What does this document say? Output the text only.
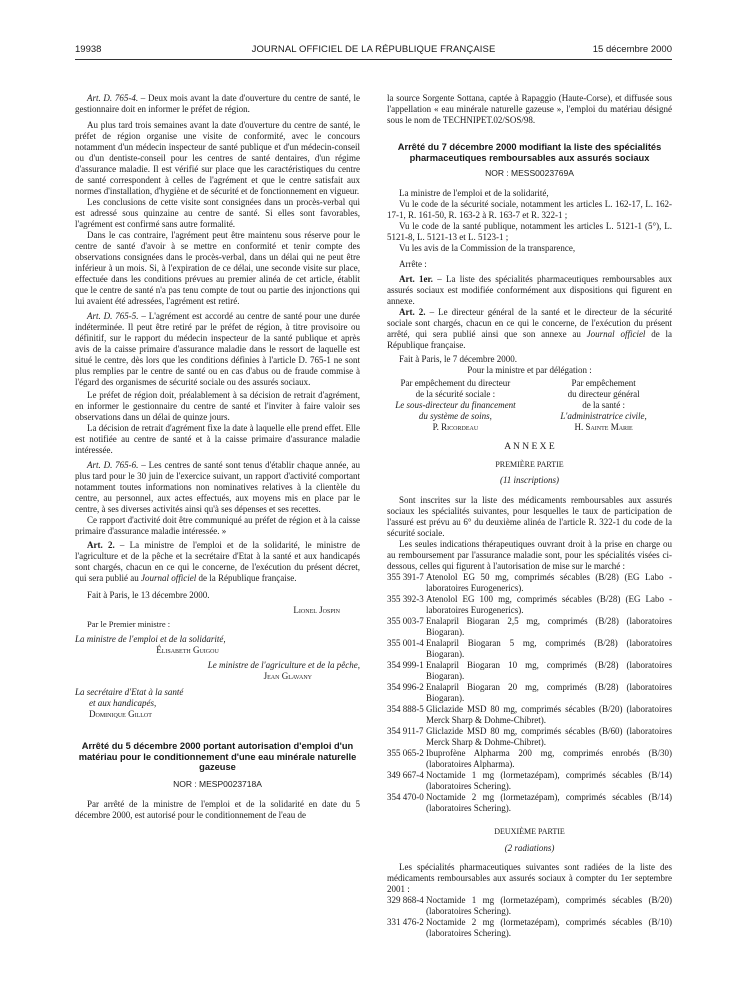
19938	JOURNAL OFFICIEL DE LA RÉPUBLIQUE FRANÇAISE	15 décembre 2000

Art. D. 765-4. – Deux mois avant la date d'ouverture du centre de santé, le gestionnaire doit en informer le préfet de région.

Au plus tard trois semaines avant la date d'ouverture du centre de santé, le préfet de région organise une visite de conformité, avec le concours notamment d'un médecin inspecteur de santé publique et d'un médecin-conseil ou d'un dentiste-conseil pour les centres de santé dentaires, d'un régime d'assurance maladie. Il est vérifié sur place que les caractéristiques du centre de santé correspondent à celles de l'agrément et que le centre satisfait aux normes d'installation, d'hygiène et de sécurité et de fonctionnement en vigueur.

Les conclusions de cette visite sont consignées dans un procès-verbal qui est adressé sous quinzaine au centre de santé. Si elles sont favorables, l'agrément est confirmé sans autre formalité.

Dans le cas contraire, l'agrément peut être maintenu sous réserve pour le centre de santé d'avoir à se mettre en conformité et tenir compte des observations consignées dans le procès-verbal, dans un délai qui ne peut être inférieur à un mois. Si, à l'expiration de ce délai, une seconde visite sur place, effectuée dans les conditions prévues au premier alinéa de cet article, établit que le centre de santé n'a pas tenu compte de tout ou partie des injonctions qui lui avaient été adressées, l'agrément est retiré.

Art. D. 765-5. – L'agrément est accordé au centre de santé pour une durée indéterminée. Il peut être retiré par le préfet de région, à titre provisoire ou définitif, sur le rapport du médecin inspecteur de la santé publique et après avis de la caisse primaire d'assurance maladie dans le ressort de laquelle est situé le centre, dès lors que les conditions définies à l'article D. 765-1 ne sont plus remplies par le centre de santé ou en cas d'abus ou de fraude commise à l'égard des organismes de sécurité sociale ou des assurés sociaux.

Le préfet de région doit, préalablement à sa décision de retrait d'agrément, en informer le gestionnaire du centre de santé et l'inviter à faire valoir ses observations dans un délai de quinze jours.

La décision de retrait d'agrément fixe la date à laquelle elle prend effet. Elle est notifiée au centre de santé et à la caisse primaire d'assurance maladie intéressée.

Art. D. 765-6. – Les centres de santé sont tenus d'établir chaque année, au plus tard pour le 30 juin de l'exercice suivant, un rapport d'activité comportant notamment toutes informations non nominatives relatives à la clientèle du centre, au personnel, aux actes effectués, aux moyens mis en place par le centre, à ses diverses activités ainsi qu'à ses dépenses et ses recettes.

Ce rapport d'activité doit être communiqué au préfet de région et à la caisse primaire d'assurance maladie intéressée. »

Art. 2. – La ministre de l'emploi et de la solidarité, le ministre de l'agriculture et de la pêche et la secrétaire d'Etat à la santé et aux handicapés sont chargés, chacun en ce qui le concerne, de l'exécution du présent décret, qui sera publié au Journal officiel de la République française.

Fait à Paris, le 13 décembre 2000.

Lionel Jospin

Par le Premier ministre :

La ministre de l'emploi et de la solidarité,

Élisabeth Guigou

Le ministre de l'agriculture et de la pêche,

Jean Glavany

La secrétaire d'Etat à la santé

et aux handicapés,

Dominique Gillot

Arrêté du 5 décembre 2000 portant autorisation d'emploi d'un matériau pour le conditionnement d'une eau minérale naturelle gazeuse

NOR : MESP0023718A

Par arrêté de la ministre de l'emploi et de la solidarité en date du 5 décembre 2000, est autorisé pour le conditionnement de l'eau de

la source Sorgente Sottana, captée à Rapaggio (Haute-Corse), et diffusée sous l'appellation « eau minérale naturelle gazeuse », l'emploi du matériau désigné sous le nom de TECHNIPET.02/SOS/98.

Arrêté du 7 décembre 2000 modifiant la liste des spécialités pharmaceutiques remboursables aux assurés sociaux

NOR : MESS0023769A

La ministre de l'emploi et de la solidarité,

Vu le code de la sécurité sociale, notamment les articles L. 162-17, L. 162-17-1, R. 161-50, R. 163-2 à R. 163-7 et R. 322-1 ;

Vu le code de la santé publique, notamment les articles L. 5121-1 (5°), L. 5121-8, L. 5121-13 et L. 5123-1 ;

Vu les avis de la Commission de la transparence,

Arrête :

Art. 1er. – La liste des spécialités pharmaceutiques remboursables aux assurés sociaux est modifiée conformément aux dispositions qui figurent en annexe.

Art. 2. – Le directeur général de la santé et le directeur de la sécurité sociale sont chargés, chacun en ce qui le concerne, de l'exécution du présent arrêté, qui sera publié ainsi que son annexe au Journal officiel de la République française.

Fait à Paris, le 7 décembre 2000.

Pour la ministre et par délégation :

Par empêchement du directeur

de la sécurité sociale :

Le sous-directeur du financement

du système de soins,

P. Ricordeau

Par empêchement

du directeur général

de la santé :

L'administratrice civile,

H. Sainte Marie

A N N E X E

PREMIÈRE PARTIE

(11 inscriptions)

Sont inscrites sur la liste des médicaments remboursables aux assurés sociaux les spécialités suivantes, pour lesquelles le taux de participation de l'assuré est prévu au 6° du deuxième alinéa de l'article R. 322-1 du code de la sécurité sociale.

Les seules indications thérapeutiques ouvrant droit à la prise en charge ou au remboursement par l'assurance maladie sont, pour les spécialités visées ci-dessous, celles qui figurent à l'autorisation de mise sur le marché :

355 391-7 Atenolol EG 50 mg, comprimés sécables (B/28) (EG Labo - laboratoires Eurogenerics).
355 392-3 Atenolol EG 100 mg, comprimés sécables (B/28) (EG Labo - laboratoires Eurogenerics).
355 003-7 Enalapril Biogaran 2,5 mg, comprimés (B/28) (laboratoires Biogaran).
355 001-4 Enalapril Biogaran 5 mg, comprimés (B/28) (laboratoires Biogaran).
354 999-1 Enalapril Biogaran 10 mg, comprimés (B/28) (laboratoires Biogaran).
354 996-2 Enalapril Biogaran 20 mg, comprimés (B/28) (laboratoires Biogaran).
354 888-5 Gliclazide MSD 80 mg, comprimés sécables (B/20) (laboratoires Merck Sharp & Dohme-Chibret).
354 911-7 Gliclazide MSD 80 mg, comprimés sécables (B/60) (laboratoires Merck Sharp & Dohme-Chibret).
355 065-2 Ibuprofène Alpharma 200 mg, comprimés enrobés (B/30) (laboratoires Alpharma).
349 667-4 Noctamide 1 mg (lormetazépam), comprimés sécables (B/14) (laboratoires Schering).
354 470-0 Noctamide 2 mg (lormetazépam), comprimés sécables (B/14) (laboratoires Schering).

DEUXIÈME PARTIE

(2 radiations)

Les spécialités pharmaceutiques suivantes sont radiées de la liste des médicaments remboursables aux assurés sociaux à compter du 1er septembre 2001 :

329 868-4 Noctamide 1 mg (lormetazépam), comprimés sécables (B/20) (laboratoires Schering).
331 476-2 Noctamide 2 mg (lormetazépam), comprimés sécables (B/10) (laboratoires Schering).
